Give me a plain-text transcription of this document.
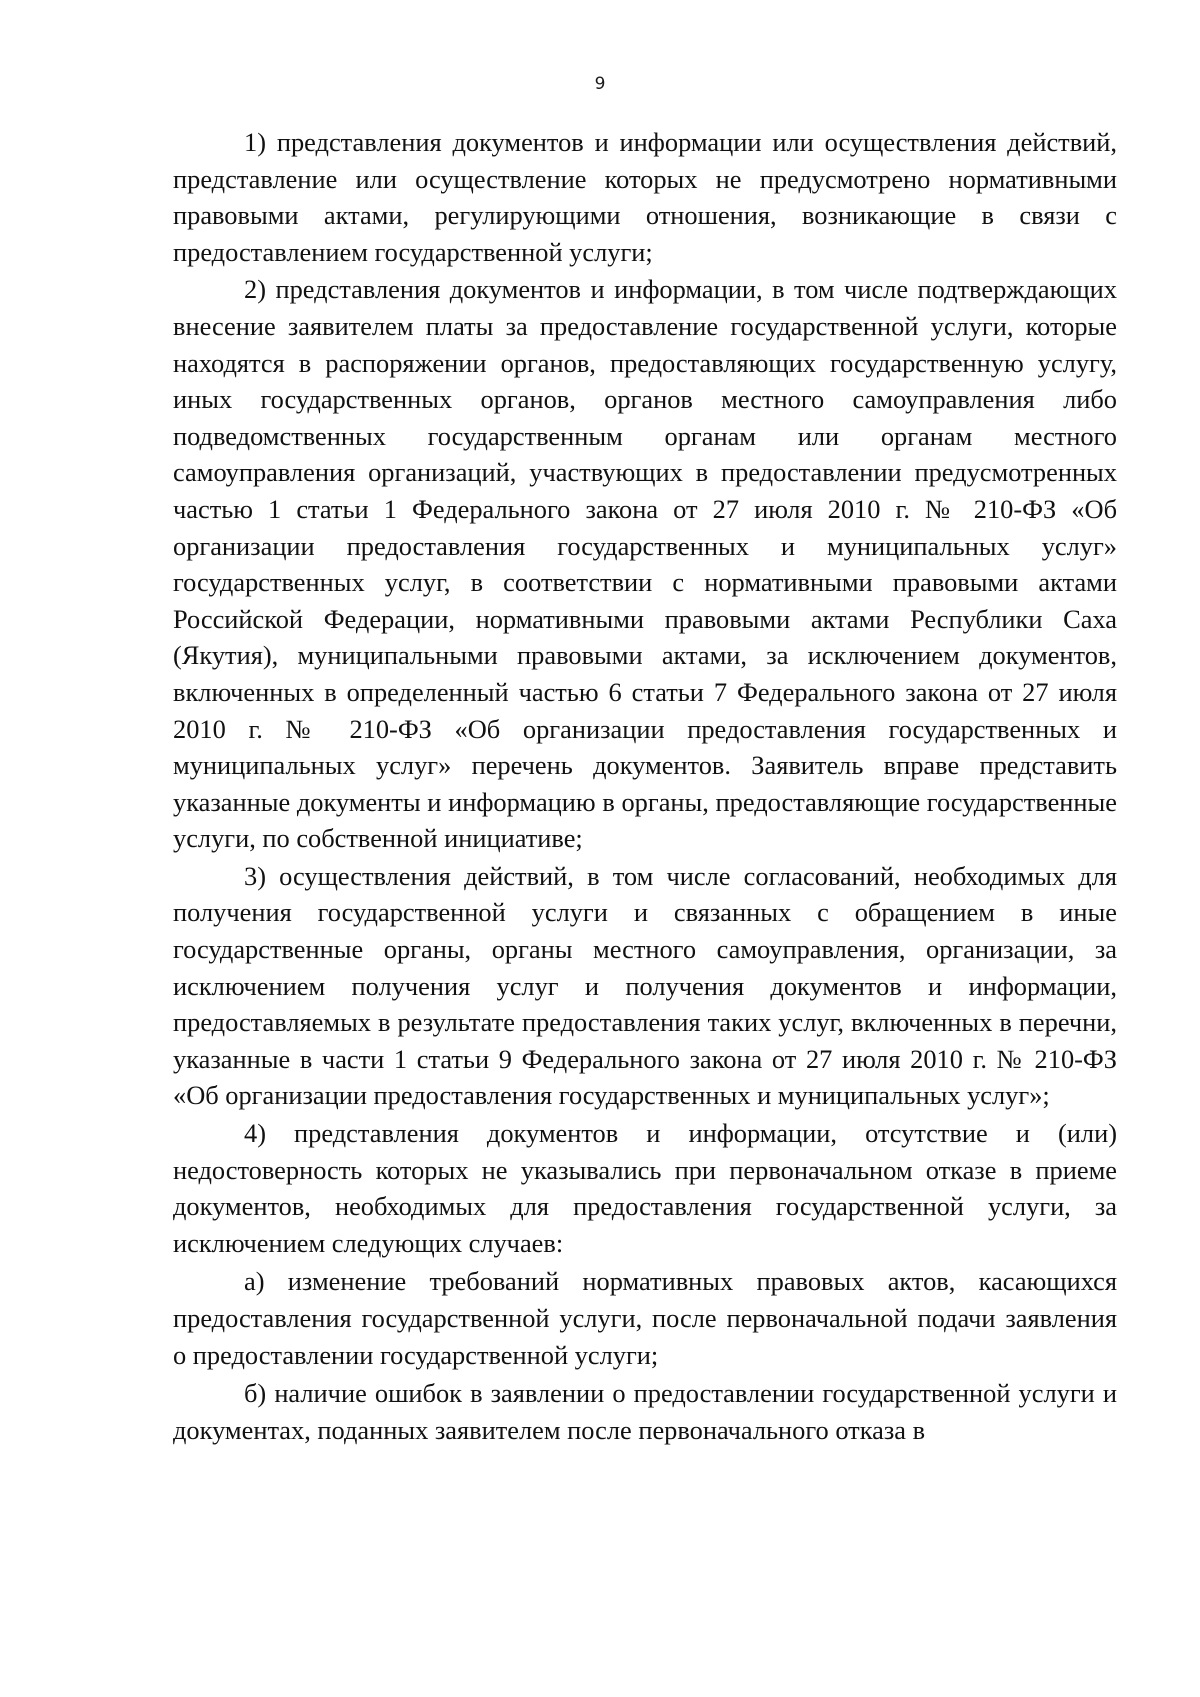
9

1) представления документов и информации или осуществления действий, представление или осуществление которых не предусмотрено нормативными правовыми актами, регулирующими отношения, возникающие в связи с предоставлением государственной услуги;

2) представления документов и информации, в том числе подтверждающих внесение заявителем платы за предоставление государственной услуги, которые находятся в распоряжении органов, предоставляющих государственную услугу, иных государственных органов, органов местного самоуправления либо подведомственных государственным органам или органам местного самоуправления организаций, участвующих в предоставлении предусмотренных частью 1 статьи 1 Федерального закона от 27 июля 2010 г. № 210-ФЗ «Об организации предоставления государственных и муниципальных услуг» государственных услуг, в соответствии с нормативными правовыми актами Российской Федерации, нормативными правовыми актами Республики Саха (Якутия), муниципальными правовыми актами, за исключением документов, включенных в определенный частью 6 статьи 7 Федерального закона от 27 июля 2010 г. № 210-ФЗ «Об организации предоставления государственных и муниципальных услуг» перечень документов. Заявитель вправе представить указанные документы и информацию в органы, предоставляющие государственные услуги, по собственной инициативе;

3) осуществления действий, в том числе согласований, необходимых для получения государственной услуги и связанных с обращением в иные государственные органы, органы местного самоуправления, организации, за исключением получения услуг и получения документов и информации, предоставляемых в результате предоставления таких услуг, включенных в перечни, указанные в части 1 статьи 9 Федерального закона от 27 июля 2010 г. № 210-ФЗ «Об организации предоставления государственных и муниципальных услуг»;

4) представления документов и информации, отсутствие и (или) недостоверность которых не указывались при первоначальном отказе в приеме документов, необходимых для предоставления государственной услуги, за исключением следующих случаев:

а) изменение требований нормативных правовых актов, касающихся предоставления государственной услуги, после первоначальной подачи заявления о предоставлении государственной услуги;

б) наличие ошибок в заявлении о предоставлении государственной услуги и документах, поданных заявителем после первоначального отказа в
